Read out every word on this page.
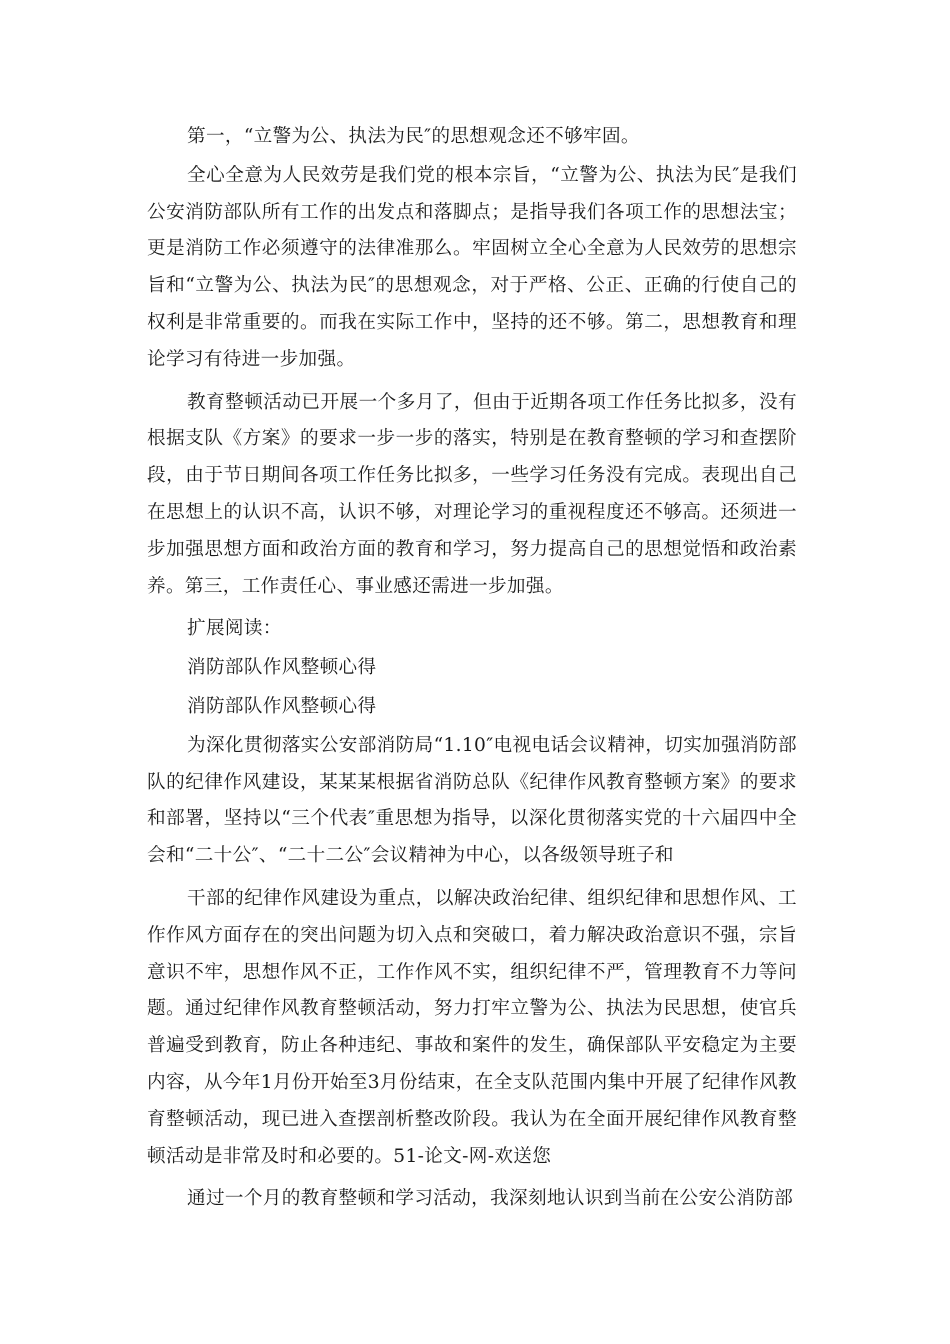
第一，“立警为公、执法为民″的思想观念还不够牢固。

全心全意为人民效劳是我们党的根本宗旨，“立警为公、执法为民″是我们公安消防部队所有工作的出发点和落脚点；是指导我们各项工作的思想法宝；更是消防工作必须遵守的法律准那么。牢固树立全心全意为人民效劳的思想宗旨和“立警为公、执法为民″的思想观念，对于严格、公正、正确的行使自己的权利是非常重要的。而我在实际工作中，坚持的还不够。第二，思想教育和理论学习有待进一步加强。

教育整顿活动已开展一个多月了，但由于近期各项工作任务比拟多，没有根据支队《方案》的要求一步一步的落实，特别是在教育整顿的学习和查摆阶段，由于节日期间各项工作任务比拟多，一些学习任务没有完成。表现出自己在思想上的认识不高，认识不够，对理论学习的重视程度还不够高。还须进一步加强思想方面和政治方面的教育和学习，努力提高自己的思想觉悟和政治素养。第三，工作责任心、事业感还需进一步加强。

扩展阅读：

消防部队作风整顿心得

消防部队作风整顿心得

为深化贯彻落实公安部消防局“1.10″电视电话会议精神，切实加强消防部队的纪律作风建设，某某某根据省消防总队《纪律作风教育整顿方案》的要求和部署，坚持以“三个代表″重思想为指导，以深化贯彻落实党的十六届四中全会和“二十公″、“二十二公″会议精神为中心，以各级领导班子和

干部的纪律作风建设为重点，以解决政治纪律、组织纪律和思想作风、工作作风方面存在的突出问题为切入点和突破口，着力解决政治意识不强，宗旨意识不牢，思想作风不正，工作作风不实，组织纪律不严，管理教育不力等问题。通过纪律作风教育整顿活动，努力打牢立警为公、执法为民思想，使官兵普遍受到教育，防止各种违纪、事故和案件的发生，确保部队平安稳定为主要内容，从今年1月份开始至3月份结束，在全支队范围内集中开展了纪律作风教育整顿活动，现已进入查摆剖析整改阶段。我认为在全面开展纪律作风教育整顿活动是非常及时和必要的。51-论文-网-欢送您

通过一个月的教育整顿和学习活动，我深刻地认识到当前在公安公消防部
